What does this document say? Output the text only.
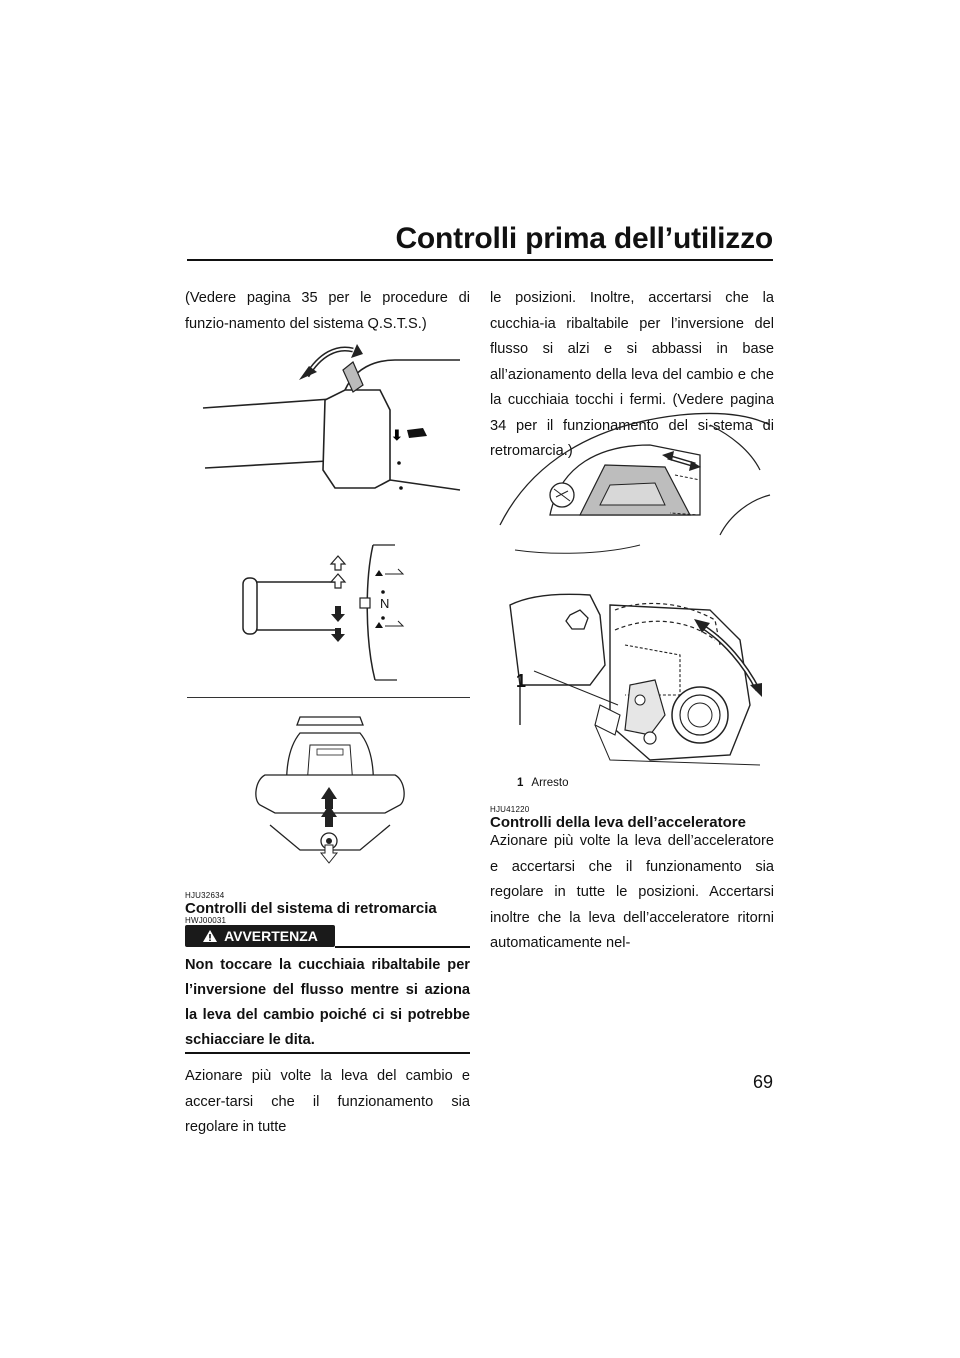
Controlli prima dell’utilizzo
(Vedere pagina 35 per le procedure di funzio-namento del sistema Q.S.T.S.)
⬇
N
HJU32634
Controlli del sistema di retromarcia
HWJ00031
AVVERTENZA
Non toccare la cucchiaia ribaltabile per l’inversione del flusso mentre si aziona la leva del cambio poiché ci si potrebbe schiacciare le dita.
Azionare più volte la leva del cambio e accer-tarsi che il funzionamento sia regolare in tutte
le posizioni. Inoltre, accertarsi che la cucchia-ia ribaltabile per l’inversione del flusso si alzi e si abbassi in base all’azionamento della leva del cambio e che la cucchiaia tocchi i fermi. (Vedere pagina 34 per il funzionamento del si-stema di retromarcia.)
1
1 Arresto
HJU41220
Controlli della leva dell’acceleratore
Azionare più volte la leva dell’acceleratore e accertarsi che il funzionamento sia regolare in tutte le posizioni. Accertarsi inoltre che la leva dell’acceleratore ritorni automaticamente nel-
69
